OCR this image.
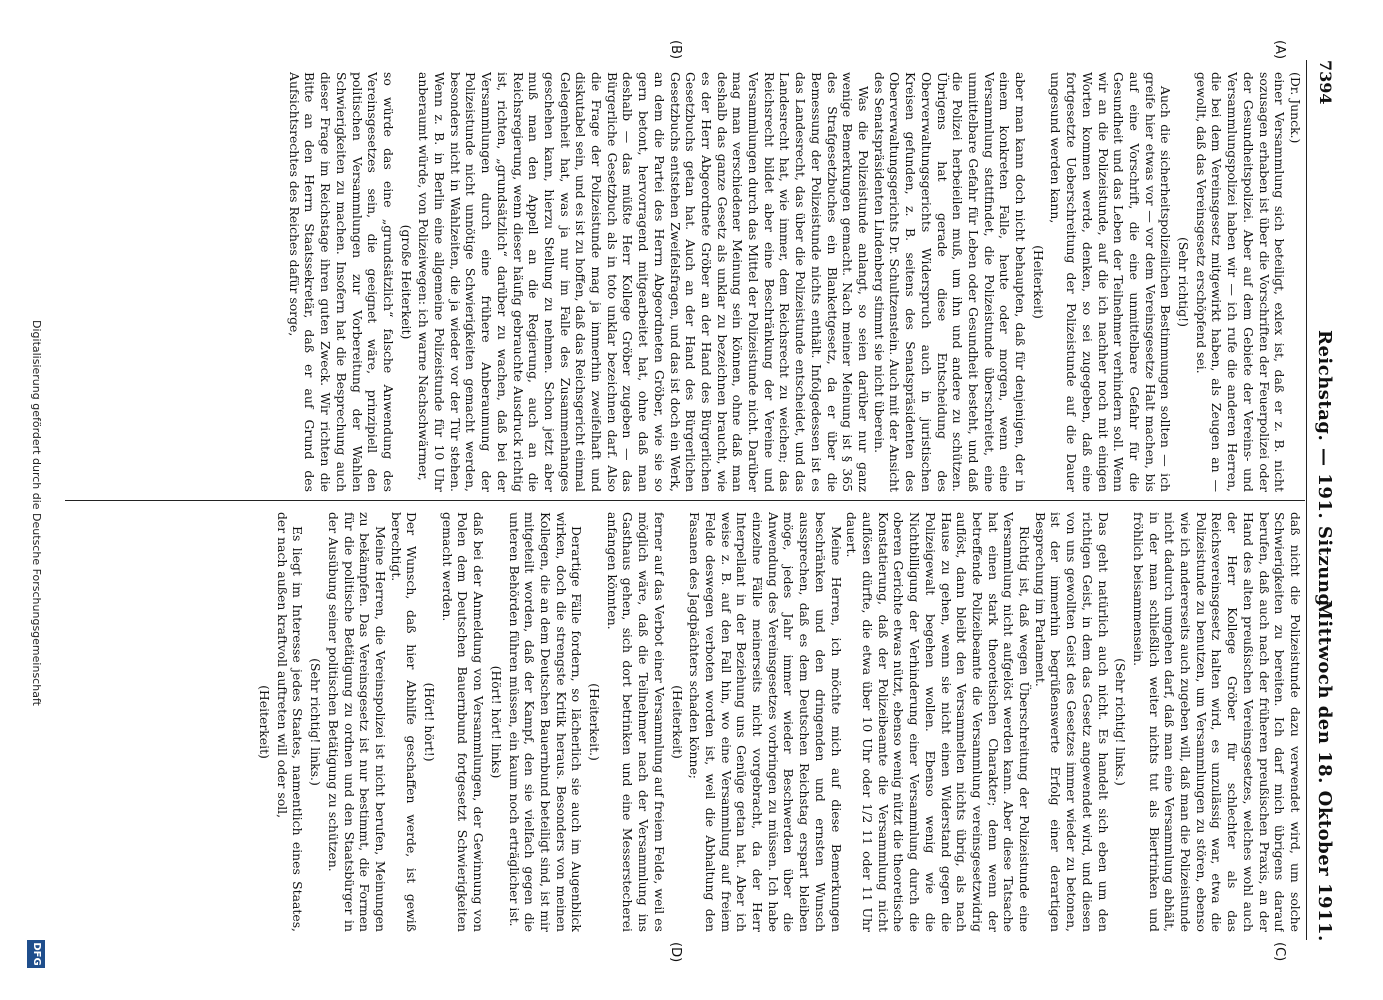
7394
Reichstag. — 191. Sitzung.
Mittwoch den 18. Oktober 1911.
(A)
(B)
(C)
(D)

(Dr. Junck.)

einer Versammlung sich beteiligt, exlex ist, daß er z. B. nicht sozusagen erhaben ist über die Vorschriften der Feuerpolizei oder der Gesundheitspolizei. Aber auf dem Gebiete der Vereins- und Versammlungspolizei haben wir — ich rufe die anderen Herren, die bei dem Vereinsgesetz mitgewirkt haben, als Zeugen an — gewollt, daß das Vereinsgesetz erschöpfend sei.

(Sehr richtig!)

Auch die sicherheitspolizeilichen Bestimmungen sollten — ich greife hier etwas vor — vor dem Vereinsgesetze Halt machen, bis auf eine Vorschrift, die eine unmittelbare Gefahr für die Gesundheit und das Leben der Teilnehmer verhindern soll. Wenn wir an die Polizeistunde, auf die ich nachher noch mit einigen Worten kommen werde, denken, so sei zugegeben, daß eine fortgesetzte Ueberschreitung der Polizeistunde auf die Dauer ungesund werden kann,

(Heiterkeit)

aber man kann doch nicht behaupten, daß für denjenigen, der in einem konkreten Falle, heute oder morgen, wenn eine Versammlung stattfindet, die Polizeistunde überschreitet, eine unmittelbare Gefahr für Leben oder Gesundheit besteht, und daß die Polizei herbeieilen muß, um ihn und andere zu schützen. Übrigens hat gerade diese Entscheidung des Oberverwaltungsgerichts Widerspruch auch in juristischen Kreisen gefunden, z. B. seitens des Senatspräsidenten des Oberverwaltungsgerichts Dr. Schultzenstein. Auch mit der Ansicht des Senatspräsidenten Lindenberg stimmt sie nicht überein.

Was die Polizeistunde anlangt, so seien darüber nur ganz wenige Bemerkungen gemacht. Nach meiner Meinung ist § 365 des Strafgesetzbuches ein Blankettgesetz, da er über die Bemessung der Polizeistunde nichts enthält. Infolgedessen ist es das Landesrecht, das über die Polizeistunde entscheidet, und das Landesrecht hat, wie immer, dem Reichsrecht zu weichen; das Reichsrecht bildet aber eine Beschränkung der Vereine und Versammlungen durch das Mittel der Polizeistunde nicht. Darüber mag man verschiedener Meinung sein können, ohne daß man deshalb das ganze Gesetz als unklar zu bezeichnen braucht, wie es der Herr Abgeordnete Gröber an der Hand des Bürgerlichen Gesetzbuchs getan hat. Auch an der Hand des Bürgerlichen Gesetzbuchs entstehen Zweifelsfragen, und das ist doch ein Werk, an dem die Partei des Herrn Abgeordneten Gröber, wie sie so gern betont, hervorragend mitgearbeitet hat, ohne daß man deshalb — das müßte Herr Kollege Gröber zugeben — das Bürgerliche Gesetzbuch als in toto unklar bezeichnen darf. Also die Frage der Polizeistunde mag ja immerhin zweifelhaft und diskutabel sein, und es ist zu hoffen, daß das Reichsgericht einmal Gelegenheit hat, was ja nur im Falle des Zusammenhanges geschehen kann, hierzu Stellung zu nehmen. Schon jetzt aber muß man den Appell an die Regierung, auch an die Reichsregierung, wenn dieser häufig gebrauchte Ausdruck richtig ist, richten, „grundsätzlich“ darüber zu wachen, daß bei der Versammlungen durch eine frühere Anberaumung der Polizeistunde nicht unnötige Schwierigkeiten gemacht werden, besonders nicht in Wahlzeiten, die ja wieder vor der Tür stehen. Wenn z. B. in Berlin eine allgemeine Polizeistunde für 10 Uhr anberaumt würde, von Polizeiwegen: ich warne Nachschwärmer,

(große Heiterkeit)

so würde das eine „grundsätzlich“ falsche Anwendung des Vereinsgesetzes sein, die geeignet wäre, prinzipiell den politischen Versammlungen zur Vorbereitung der Wahlen Schwierigkeiten zu machen. Insofern hat die Besprechung auch dieser Frage im Reichstage ihren guten Zweck. Wir richten die Bitte an den Herrn Staatssekretär, daß er auf Grund des Aufsichtsrechtes des Reiches dafür sorge,

daß nicht die Polizeistunde dazu verwendet wird, um solche Schwierigkeiten zu bereiten. Ich darf mich übrigens darauf berufen, daß auch nach der früheren preußischen Praxis, an der Hand des alten preußischen Vereinsgesetzes, welches wohl auch der Herr Kollege Gröber für schlechter als das Reichsvereinsgesetz halten wird, es unzulässig war, etwa die Polizeistunde zu benutzen, um Versammlungen zu stören, ebenso wie ich andererseits auch zugeben will, daß man die Polizeistunde nicht dadurch umgehen darf, daß man eine Versammlung abhält, in der man schließlich weiter nichts tut als Biertrinken und fröhlich beisammensein.

(Sehr richtig! links.)

Das geht natürlich auch nicht. Es handelt sich eben um den richtigen Geist, in dem das Gesetz angewendet wird, und diesen von uns gewollten Geist des Gesetzes immer wieder zu betonen, ist der immerhin begrüßenswerte Erfolg einer derartigen Besprechung im Parlament.

Richtig ist, daß wegen Überschreitung der Polizeistunde eine Versammlung nicht aufgelöst werden kann. Aber diese Tatsache hat einen stark theoretischen Charakter; denn wenn der betreffende Polizeibeamte die Versammlung vereinsgesetzwidrig auflöst, dann bleibt den Versammelten nichts übrig, als nach Hause zu gehen, wenn sie nicht einen Widerstand gegen die Polizeigewalt begehen wollen. Ebenso wenig wie die Nichtbilligung der Verhinderung einer Versammlung durch die oberen Gerichte etwas nützt, ebenso wenig nützt die theoretische Konstatierung, daß der Polizeibeamte die Versammlung nicht auflösen dürfte, die etwa über 10 Uhr oder 1/2 11 oder 11 Uhr dauert.

Meine Herren, ich möchte mich auf diese Bemerkungen beschränken und den dringenden und ernsten Wunsch aussprechen, daß es dem Deutschen Reichstag erspart bleiben möge, jedes Jahr immer wieder Beschwerden über die Anwendung des Vereinsgesetzes vorbringen zu müssen. Ich habe einzelne Fälle meinerseits nicht vorgebracht, da der Herr Interpellant in der Beziehung uns Genüge getan hat. Aber ich weise z. B. auf den Fall hin, wo eine Versammlung auf freiem Felde deswegen verboten worden ist, weil die Abhaltung den Fasanen des Jagdpächters schaden könne;

(Heiterkeit)

ferner auf das Verbot einer Versammlung auf freiem Felde, weil es möglich wäre, daß die Teilnehmer nach der Versammlung ins Gasthaus gehen, sich dort betrinken und eine Messerstecherei anfangen könnten.

(Heiterkeit.)

Derartige Fälle fordern, so lächerlich sie auch im Augenblick wirken, doch die strengste Kritik heraus. Besonders von meinen Kollegen, die an dem Deutschen Bauernbund beteiligt sind, ist mir mitgeteilt worden, daß der Kampf, den sie vielfach gegen die unteren Behörden führen müssen, ein kaum noch erträglicher ist.

(Hört! hört! links)

daß bei der Anmeldung von Versammlungen, der Gewinnung von Polen dem Deutschen Bauernbund fortgesetzt Schwierigkeiten gemacht werden.

(Hört! hört!)

Der Wunsch, daß hier Abhilfe geschaffen werde, ist gewiß berechtigt.

Meine Herren, die Vereinspolizei ist nicht berufen, Meinungen zu bekämpfen. Das Vereinsgesetz ist nur bestimmt, die Formen für die politische Betätigung zu ordnen und den Staatsbürger in der Ausübung seiner politischen Betätigung zu schützen.

(Sehr richtig! links.)

Es liegt im Interesse jedes Staates, namentlich eines Staates, der nach außen kraftvoll auftreten will oder soll,

(Heiterkeit)

Digitalisierung gefördert durch die Deutsche Forschungsgemeinschaft
DFG
